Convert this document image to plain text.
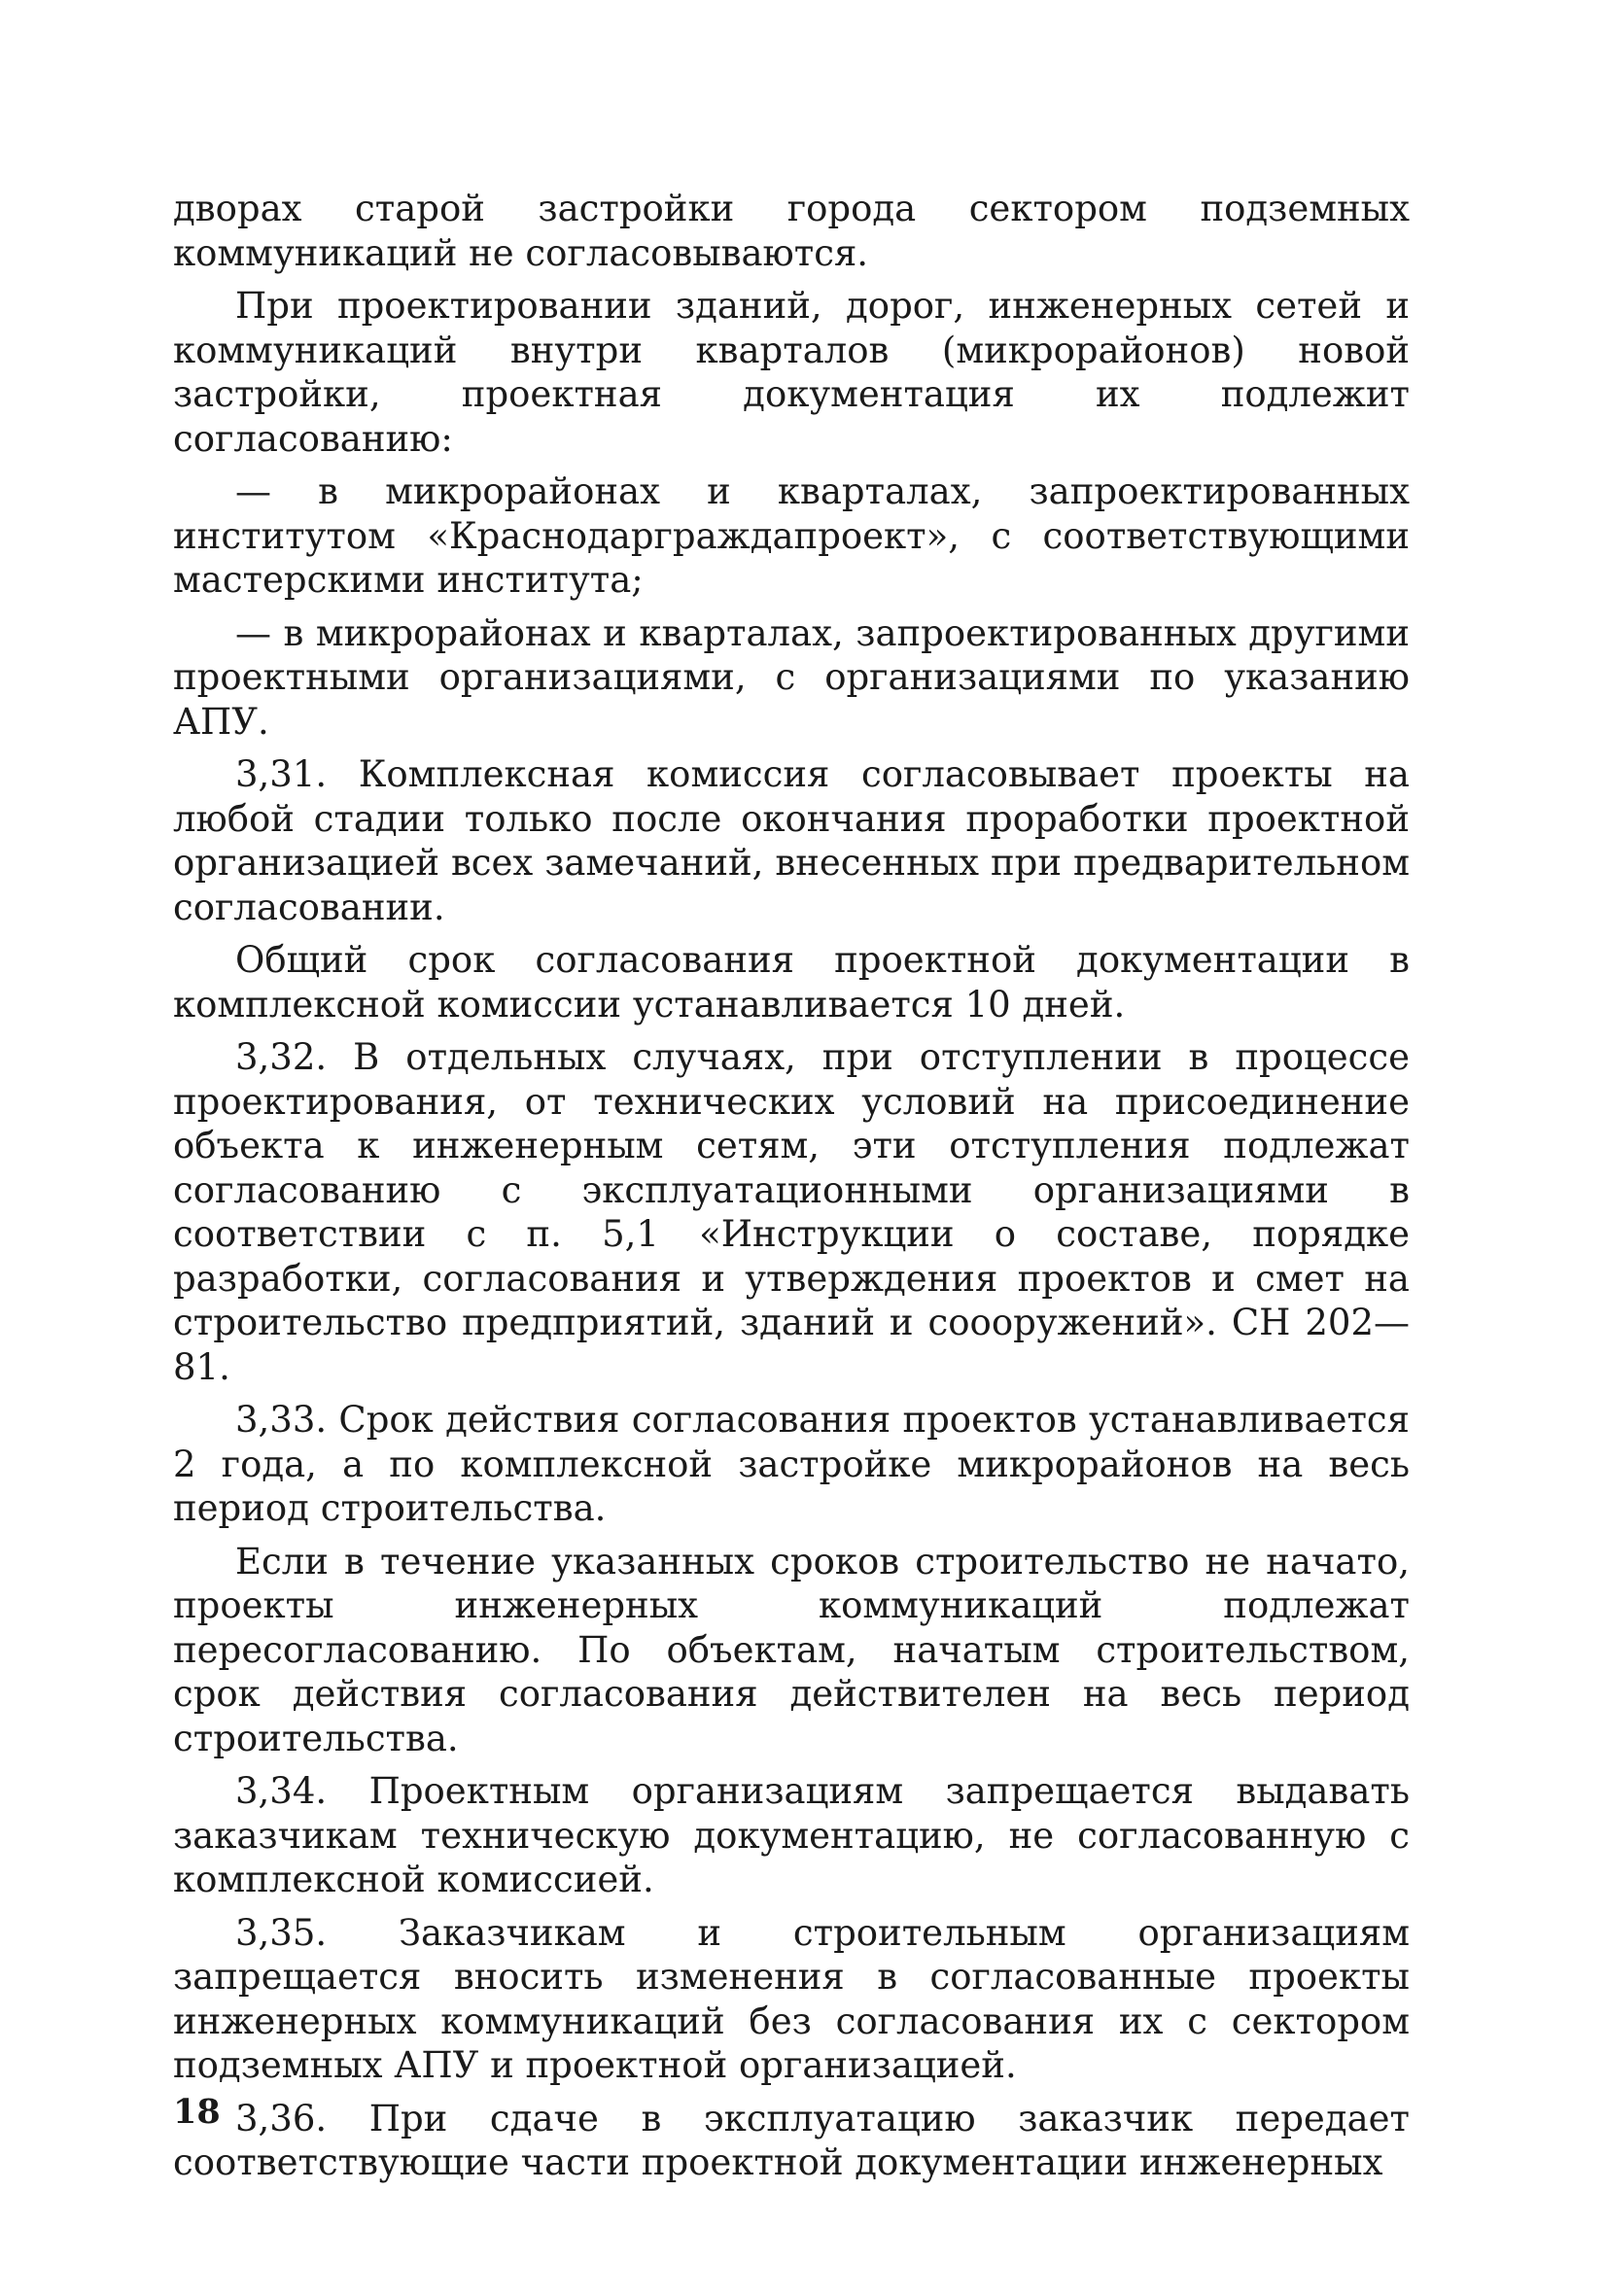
дворах старой застройки города сектором подземных коммуникаций не согласовываются.

При проектировании зданий, дорог, инженерных сетей и коммуникаций внутри кварталов (микрорайонов) новой застройки, проектная документация их подлежит согласованию:

— в микрорайонах и кварталах, запроектированных институтом «Краснодарграждапроект», с соответствующими мастерскими института;

— в микрорайонах и кварталах, запроектированных другими проектными организациями, с организациями по указанию АПУ.

3,31. Комплексная комиссия согласовывает проекты на любой стадии только после окончания проработки проектной организацией всех замечаний, внесенных при предварительном согласовании.

Общий срок согласования проектной документации в комплексной комиссии устанавливается 10 дней.

3,32. В отдельных случаях, при отступлении в процессе проектирования, от технических условий на присоединение объекта к инженерным сетям, эти отступления подлежат согласованию с эксплуатационными организациями в соответствии с п. 5,1 «Инструкции о составе, порядке разработки, согласования и утверждения проектов и смет на строительство предприятий, зданий и соооружений». СН 202—81.

3,33. Срок действия согласования проектов устанавливается 2 года, а по комплексной застройке микрорайонов на весь период строительства.

Если в течение указанных сроков строительство не начато, проекты инженерных коммуникаций подлежат пересогласованию. По объектам, начатым строительством, срок действия согласования действителен на весь период строительства.

3,34. Проектным организациям запрещается выдавать заказчикам техническую документацию, не согласованную с комплексной комиссией.

3,35. Заказчикам и строительным организациям запрещается вносить изменения в согласованные проекты инженерных коммуникаций без согласования их с сектором подземных АПУ и проектной организацией.

3,36. При сдаче в эксплуатацию заказчик передает соответствующие части проектной документации инженерных

18
